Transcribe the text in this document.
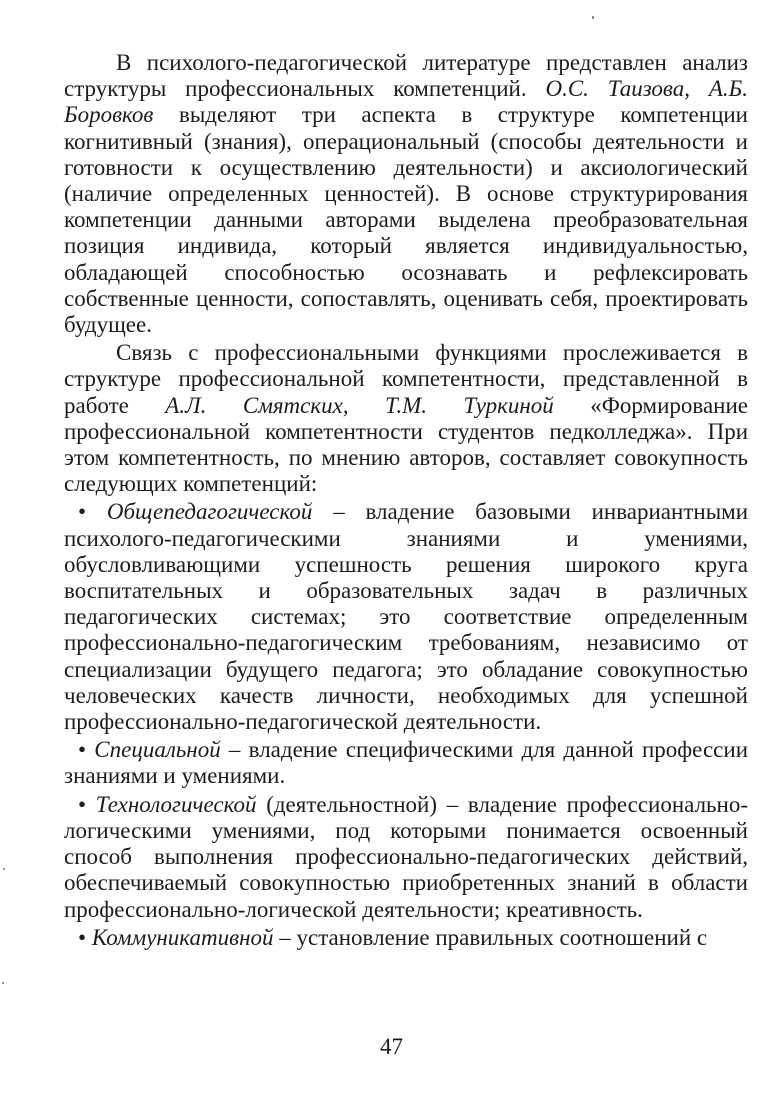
В психолого-педагогической литературе представлен анализ структуры профессиональных компетенций. О.С. Таизова, А.Б. Боровков выделяют три аспекта в структуре компетенции когнитивный (знания), операциональный (способы деятельности и готовности к осуществлению деятельности) и аксиологический (наличие определенных ценностей). В основе структурирования компетенции данными авторами выделена преобразовательная позиция индивида, который является индивидуальностью, обладающей способностью осознавать и рефлексировать собственные ценности, сопоставлять, оценивать себя, проектировать будущее.

Связь с профессиональными функциями прослеживается в структуре профессиональной компетентности, представленной в работе А.Л. Смятских, Т.М. Туркиной «Формирование профессиональной компетентности студентов педколледжа». При этом компетентность, по мнению авторов, составляет совокупность следующих компетенций:

• Общепедагогической – владение базовыми инвариантными психолого-педагогическими знаниями и умениями, обусловливающими успешность решения широкого круга воспитательных и образовательных задач в различных педагогических системах; это соответствие определенным профессионально-педагогическим требованиям, независимо от специализации будущего педагога; это обладание совокупностью человеческих качеств личности, необходимых для успешной профессионально-педагогической деятельности.

• Специальной – владение специфическими для данной профессии знаниями и умениями.

• Технологической (деятельностной) – владение профессионально-логическими умениями, под которыми понимается освоенный способ выполнения профессионально-педагогических действий, обеспечиваемый совокупностью приобретенных знаний в области профессионально-логической деятельности; креативность.

• Коммуникативной – установление правильных соотношений с

47
